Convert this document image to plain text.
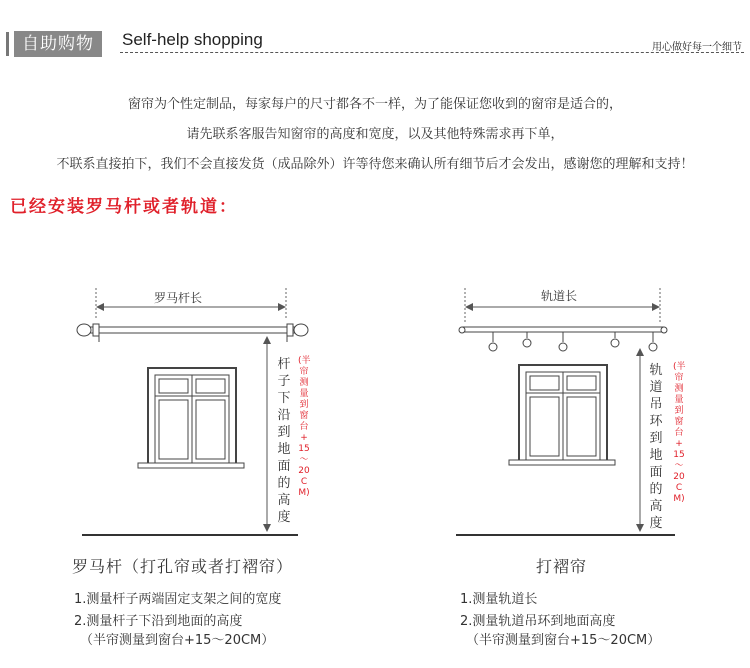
自助购物	Self-help shopping	用心做好每一个细节
窗帘为个性定制品，每家每户的尺寸都各不一样，为了能保证您收到的窗帘是适合的，
请先联系客服告知窗帘的高度和宽度，以及其他特殊需求再下单，
不联系直接拍下，我们不会直接发货（成品除外）许等待您来确认所有细节后才会发出，感谢您的理解和支持！
已经安装罗马杆或者轨道：
罗马杆长
杆子下沿到地面的高度
(半帘测量到窗台+15～20CM)
罗马杆（打孔帘或者打褶帘）
1.测量杆子两端固定支架之间的宽度
2.测量杆子下沿到地面的高度
（半帘测量到窗台+15～20CM）
轨道长
轨道吊环到地面的高度
(半帘测量到窗台+15～20CM)
打褶帘
1.测量轨道长
2.测量轨道吊环到地面高度
（半帘测量到窗台+15～20CM）
